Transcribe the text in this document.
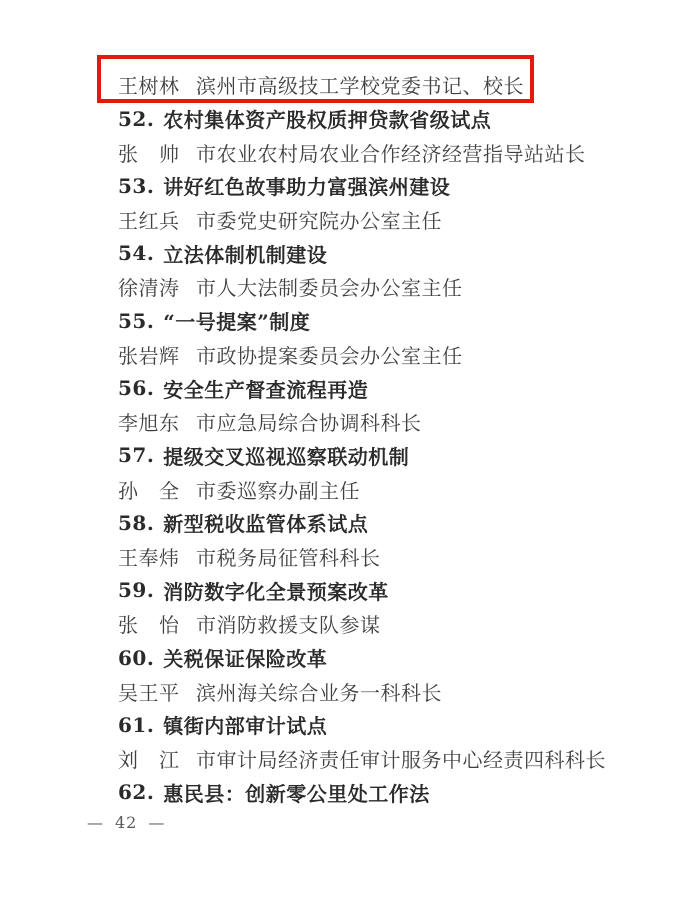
王树林 滨州市高级技工学校党委书记、校长
52. 农村集体资产股权质押贷款省级试点
张　帅 市农业农村局农业合作经济经营指导站站长
53. 讲好红色故事助力富强滨州建设
王红兵 市委党史研究院办公室主任
54. 立法体制机制建设
徐清涛 市人大法制委员会办公室主任
55. “一号提案”制度
张岩辉 市政协提案委员会办公室主任
56. 安全生产督查流程再造
李旭东 市应急局综合协调科科长
57. 提级交叉巡视巡察联动机制
孙　全 市委巡察办副主任
58. 新型税收监管体系试点
王奉炜 市税务局征管科科长
59. 消防数字化全景预案改革
张　怡 市消防救援支队参谋
60. 关税保证保险改革
吴王平 滨州海关综合业务一科科长
61. 镇街内部审计试点
刘　江 市审计局经济责任审计服务中心经责四科科长
62. 惠民县：创新零公里处工作法
— 42 —
